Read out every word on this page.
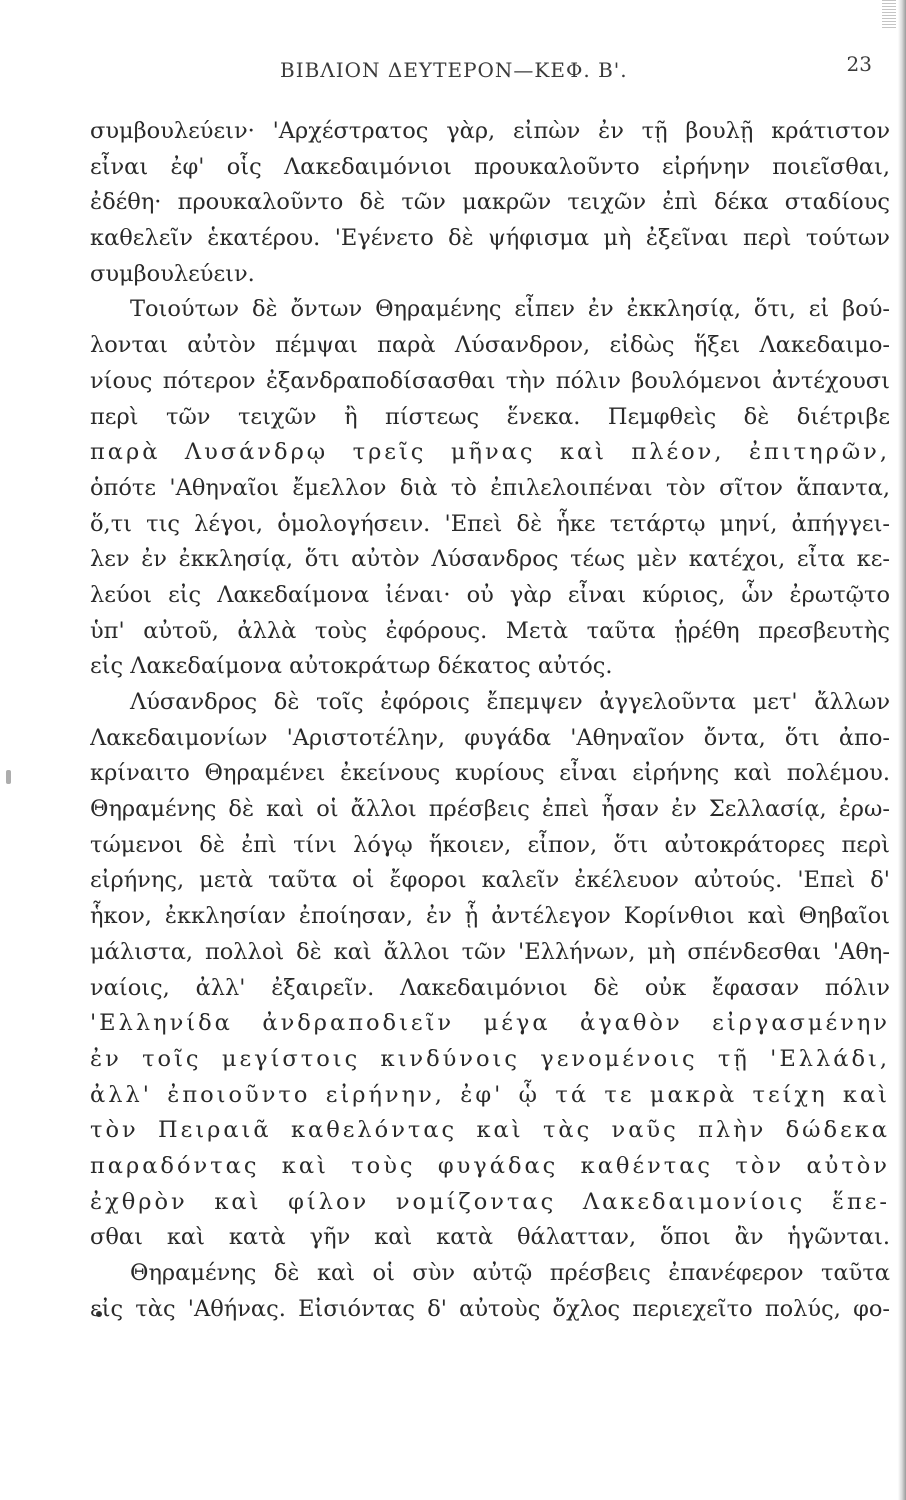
ΒΙΒΛΙΟΝ ΔΕΥΤΕΡΟΝ—ΚΕΦ. Β'.	23
συμβουλεύειν· 'Αρχέστρατος γὰρ, εἰπὼν ἐν τῇ βουλῇ κράτιστον
εἶναι ἐφ' οἷς Λακεδαιμόνιοι προυκαλοῦντο εἰρήνην ποιεῖσθαι,
ἐδέθη· προυκαλοῦντο δὲ τῶν μακρῶν τειχῶν ἐπὶ δέκα σταδίους
καθελεῖν ἑκατέρου. 'Εγένετο δὲ ψήφισμα μὴ ἐξεῖναι περὶ τούτων
συμβουλεύειν.
Τοιούτων δὲ ὄντων Θηραμένης εἶπεν ἐν ἐκκλησίᾳ, ὅτι, εἰ βού-
λονται αὐτὸν πέμψαι παρὰ Λύσανδρον, εἰδὼς ἥξει Λακεδαιμο-
νίους πότερον ἐξανδραποδίσασθαι τὴν πόλιν βουλόμενοι ἀντέχουσι
περὶ τῶν τειχῶν ἢ πίστεως ἕνεκα. Πεμφθεὶς δὲ διέτριβε
παρὰ Λυσάνδρῳ τρεῖς μῆνας καὶ πλέον, ἐπιτηρῶν,
ὁπότε 'Αθηναῖοι ἔμελλον διὰ τὸ ἐπιλελοιπέναι τὸν σῖτον ἅπαντα,
ὅ,τι τις λέγοι, ὁμολογήσειν. 'Επεὶ δὲ ἧκε τετάρτῳ μηνί, ἀπήγγει-
λεν ἐν ἐκκλησίᾳ, ὅτι αὐτὸν Λύσανδρος τέως μὲν κατέχοι, εἶτα κε-
λεύοι εἰς Λακεδαίμονα ἰέναι· οὐ γὰρ εἶναι κύριος, ὧν ἐρωτῷτο
ὑπ' αὐτοῦ, ἀλλὰ τοὺς ἐφόρους. Μετὰ ταῦτα ᾑρέθη πρεσβευτὴς
εἰς Λακεδαίμονα αὐτοκράτωρ δέκατος αὐτός.
Λύσανδρος δὲ τοῖς ἐφόροις ἔπεμψεν ἀγγελοῦντα μετ' ἄλλων
Λακεδαιμονίων 'Αριστοτέλην, φυγάδα 'Αθηναῖον ὄντα, ὅτι ἀπο-
κρίναιτο Θηραμένει ἐκείνους κυρίους εἶναι εἰρήνης καὶ πολέμου.
Θηραμένης δὲ καὶ οἱ ἄλλοι πρέσβεις ἐπεὶ ἦσαν ἐν Σελλασίᾳ, ἐρω-
τώμενοι δὲ ἐπὶ τίνι λόγῳ ἥκοιεν, εἶπον, ὅτι αὐτοκράτορες περὶ
εἰρήνης, μετὰ ταῦτα οἱ ἔφοροι καλεῖν ἐκέλευον αὐτούς. 'Επεὶ δ'
ἧκον, ἐκκλησίαν ἐποίησαν, ἐν ᾗ ἀντέλεγον Κορίνθιοι καὶ Θηβαῖοι
μάλιστα, πολλοὶ δὲ καὶ ἄλλοι τῶν 'Ελλήνων, μὴ σπένδεσθαι 'Αθη-
ναίοις, ἀλλ' ἐξαιρεῖν. Λακεδαιμόνιοι δὲ οὐκ ἔφασαν πόλιν
'Ελληνίδα ἀνδραποδιεῖν μέγα ἀγαθὸν εἰργασμένην
ἐν τοῖς μεγίστοις κινδύνοις γενομένοις τῇ 'Ελλάδι,
ἀλλ' ἐποιοῦντο εἰρήνην, ἐφ' ᾧ τά τε μακρὰ τείχη καὶ
τὸν Πειραιᾶ καθελόντας καὶ τὰς ναῦς πλὴν δώδεκα
παραδόντας καὶ τοὺς φυγάδας καθέντας τὸν αὐτὸν
ἐχθρὸν καὶ φίλον νομίζοντας Λακεδαιμονίοις ἕπε-
σθαι καὶ κατὰ γῆν καὶ κατὰ θάλατταν, ὅποι ἂν ἡγῶνται.
Θηραμένης δὲ καὶ οἱ σὺν αὐτῷ πρέσβεις ἐπανέφερον ταῦτα
εἰς τὰς 'Αθήνας. Εἰσιόντας δ' αὐτοὺς ὄχλος περιεχεῖτο πολύς, φο-
